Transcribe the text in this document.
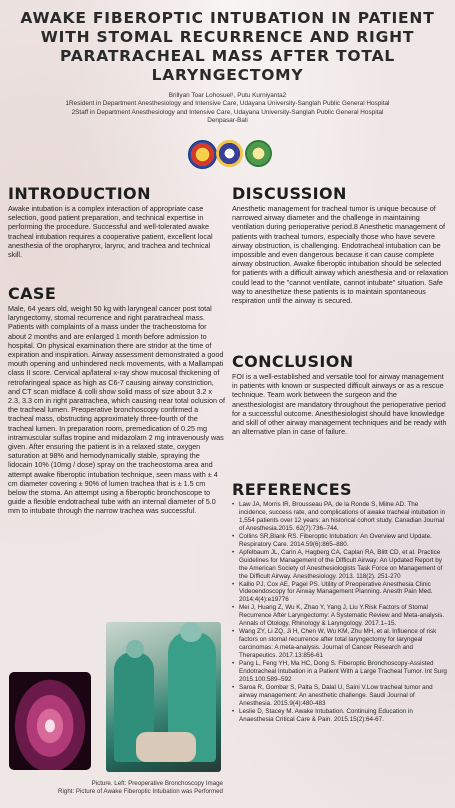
AWAKE FIBEROPTIC INTUBATION IN PATIENT WITH STOMAL RECURRENCE AND RIGHT PARATRACHEAL MASS AFTER TOTAL LARYNGECTOMY
Brillyan Toar Lohosuel¹, Putu Kurniyanta2
1Resident in Department Anesthesiology and Intensive Care, Udayana University-Sanglah Public General Hospital
2Staff in Department Anesthesiology and Intensive Care, Udayana University-Sanglah Public General Hospital
Denpasar-Bali
INTRODUCTION

Awake intubation is a complex interaction of appropriate case selection, good patient preparation, and technical expertise in performing the procedure. Successful and well-tolerated awake tracheal intubation requires a cooperative patient, excellent local anesthesia of the oropharynx, larynx, and trachea and technical skill.

CASE

Male, 64 years old, weight 50 kg with laryngeal cancer post total laryngectomy, stomal recurrence and right paratracheal mass. Patients with complaints of a mass under the tracheostoma for about 2 months and are enlarged 1 month before admission to hospital. On physical examination there are stridor at the time of expiration and inspiration. Airway assessment demonstrated a good mouth opening and unhindered neck movements, with a Mallampati class II score. Cervical ap/lateral x-ray show mucosal thickening of retrofaringeal space as high as C6-7 causing airway constriction, and CT scan midface & colli show solid mass of size about 3.2 x 2.3, 3.3 cm in right paratrachea, which causing near total oclusion of the tracheal lumen. Preoperative bronchoscopy confirmed a tracheal mass, obstructing approximately three-fourth of the tracheal lumen. In preparation room, premedication of 0.25 mg intramuscular sulfas tropine and midazolam 2 mg intravenously was given. After ensuring the patient is in a relaxed state, oxygen saturation at 98% and hemodynamically stable, spraying the lidocain 10% (10mg / dose) spray on the tracheostoma area and attempt awake fiberoptic intubation technique, seen mass with ± 4 cm diameter covering ± 90% of lumen trachea that is ± 1.5 cm below the stoma. An attempt using a fiberoptic bronchoscope to guide a flexible endotracheal tube with an internal diameter of 5.0 mm to intubate through the narrow trachea was successful.

DISCUSSION

Anesthetic management for tracheal tumor is unique because of narrowed airway diameter and the challenge in maintaining ventilation during perioperative period.8 Anesthetic management of patients with tracheal tumors, especially those who have severe airway obstruction, is challenging. Endotracheal intubation can be impossible and even dangerous because it can cause complete airway obstruction. Awake fiberoptic intubation should be selected for patients with a difficult airway which anesthesia and or relaxation could lead to the "cannot ventilate, cannot intubate" situation. Safe way to anesthetize these patients is to maintain spontaneous respiration until the airway is secured.

CONCLUSION

FOI is a well-established and versatile tool for airway management in patients with known or suspected difficult airways or as a rescue technique. Team work between the surgeon and the anesthesiologist are mandatory throughout the perioperative period for a successful outcome. Anesthesiologist should have knowledge and skill of other airway management techniques and be ready with an alternative plan in case of failure.

REFERENCES
• Law JA, Morris IR, Brousseau PA, de la Ronde S, Milne AD. The incidence, success rate, and complications of awake tracheal intubation in 1,554 patients over 12 years: an historical cohort study. Canadian Journal of Anesthesia.2015. 62(7):736–744.
• Collins SR,Blank RS. Fiberoptic Intubation: An Overview and Update. Respiratory Care. 2014.59(6):865–880.
• Apfelbaum JL, Carin A, Hagberg CA, Caplan RA, Blitt CD, et al. Practice Guidelines for Management of the Difficult Airway: An Updated Report by the American Society of Anesthesiologists Task Force on Management of the Difficult Airway. Anesthesiology. 2013. 118(2). 251-270
• Kallio PJ, Cox AE, Pagel PS. Utility of Preoperative Anesthesia Clinic Videoendoscopy for Airway Management Planning. Anesth Pain Med. 2014;4(4):e19776
• Mei J, Huang Z, Wu K, Zhao Y, Yang J, Liu Y.Risk Factors of Stomal Recurrence After Laryngectomy: A Systematic Review and Meta-analysis. Annals of Otology, Rhinology & Laryngology. 2017.1–15.
• Wang ZY, Li ZQ, Ji H, Chen W, Wu KM, Zhu MH, et al. Influence of risk factors on stomal recurrence after total laryngectomy for laryngeal carcinomas: A meta-analysis. Journal of Cancer Research and Therapeutics. 2017.13:856-61
• Pang L, Feng YH, Ma HC, Dong S. Fiberoptic Bronchoscopy-Assisted Endotracheal Intubation in a Patient With a Large Tracheal Tumor. Int Surg 2015.100:589–592
• Saroa R, Gombar S, Palta S, Dalal U, Saini V.Low tracheal tumor and airway management: An anesthetic challenge. Saudi Journal of Anesthesia. 2015.9(4):480-483
• Leslie D, Stacey M. Awake Intubation. Continuing Education in Anaesthesia Critical Care & Pain. 2015.15(2):64-67.
Picture. Left: Preoperative Bronchoscopy Image
Right: Picture of Awake Fiberoptic Intubation was Performed
